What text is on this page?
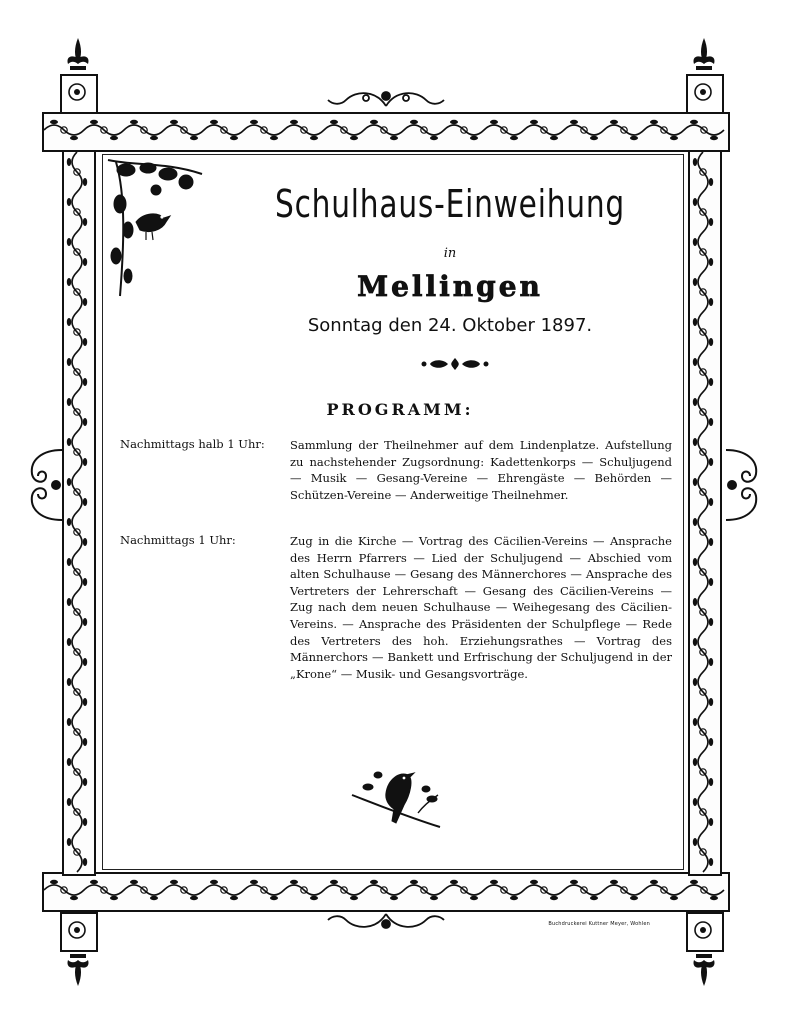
Schulhaus-Einweihung
in
Mellingen
Sonntag den 24. Oktober 1897.
PROGRAMM:
Nachmittags halb 1 Uhr:	Sammlung der Theilnehmer auf dem Lindenplatze. Aufstellung zu nachstehender Zugsordnung: Kadettenkorps — Schuljugend — Musik — Gesang-Vereine — Ehrengäste — Behörden — Schützen-Vereine — Anderweitige Theilnehmer.
Nachmittags 1 Uhr:	Zug in die Kirche — Vortrag des Cäcilien-Vereins — Ansprache des Herrn Pfarrers — Lied der Schuljugend — Abschied vom alten Schulhause — Gesang des Männerchores — Ansprache des Vertreters der Lehrerschaft — Gesang des Cäcilien-Vereins — Zug nach dem neuen Schulhause — Weihegesang des Cäcilien-Vereins. — Ansprache des Präsidenten der Schulpflege — Rede des Vertreters des hoh. Erziehungsrathes — Vortrag des Männerchors — Bankett und Erfrischung der Schuljugend in der „Krone“ — Musik- und Gesangsvorträge.
Buchdruckerei Kuttner Meyer, Wohlen
